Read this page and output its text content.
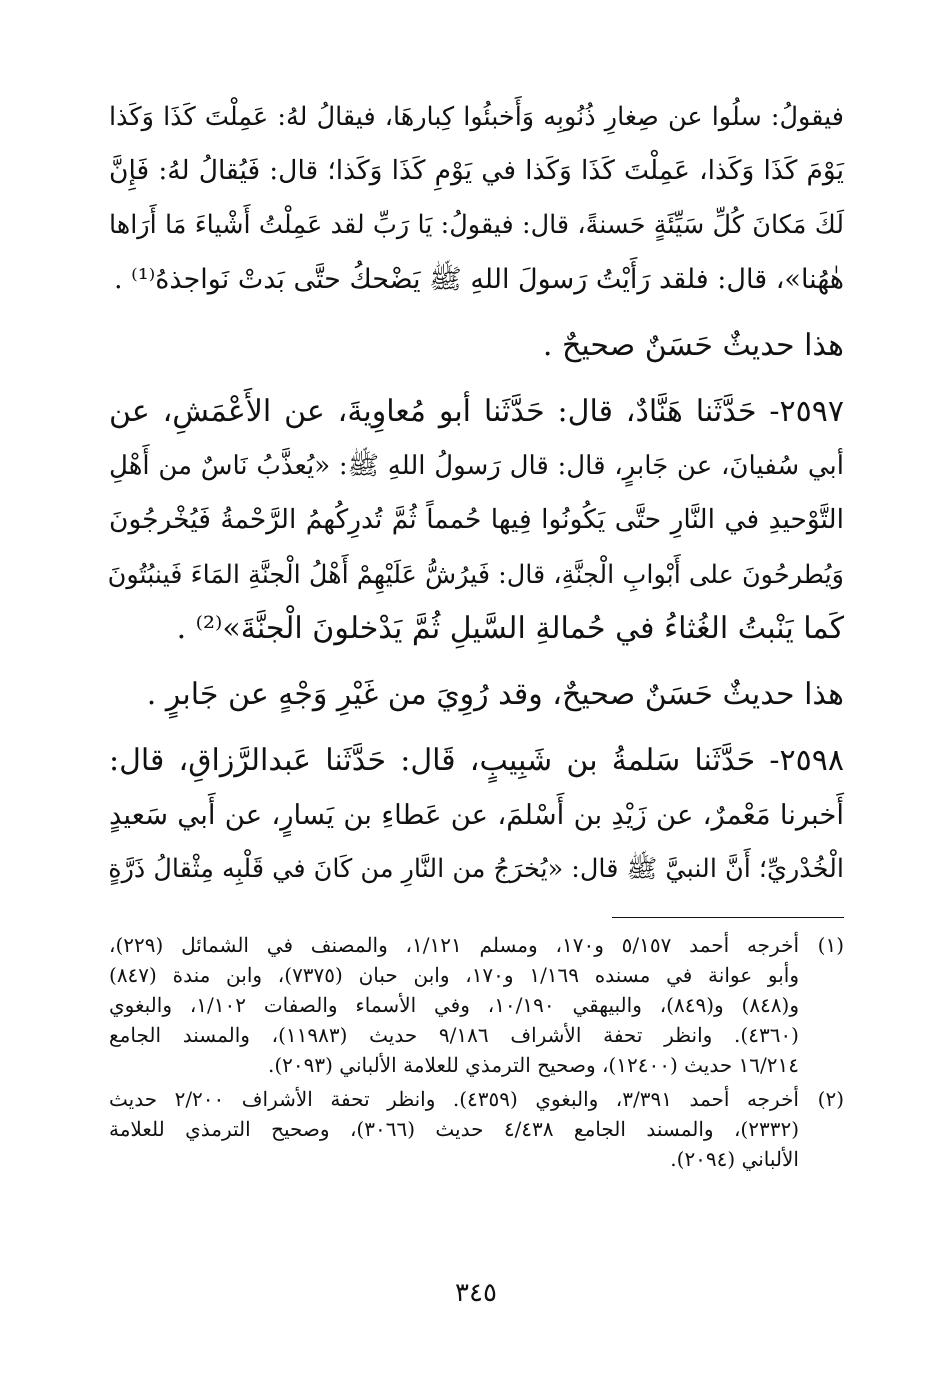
فيقولُ: سلُوا عن صِغارِ ذُنُوبِه وَأَخبئُوا كِبارهَا، فيقالُ لهُ: عَمِلْتَ كَذَا وَكَذا
يَوْمَ كَذَا وَكَذا، عَمِلْتَ كَذَا وَكَذا في يَوْمِ كَذَا وَكَذا؛ قال: فَيُقالُ لهُ: فَإِنَّ
لَكَ مَكانَ كُلِّ سَيِّئَةٍ حَسنةً، قال: فيقولُ: يَا رَبِّ لقد عَمِلْتُ أَشْياءَ مَا أَرَاها
هٰهُنا»، قال: فلقد رَأَيْتُ رَسولَ اللهِ ﷺ يَضْحكُ حتَّى بَدتْ نَواجذهُ⁽¹⁾ .
هذا حديثٌ حَسَنٌ صحيحٌ .
٢٥٩٧- حَدَّثَنا هَنَّادٌ، قال: حَدَّثَنا أبو مُعاوِيةَ، عن الأَعْمَشِ، عن
أبي سُفيانَ، عن جَابرٍ، قال: قال رَسولُ اللهِ ﷺ: «يُعذَّبُ نَاسٌ من أَهْلِ
التَّوْحيدِ في النَّارِ حتَّى يَكُونُوا فِيها حُمماً ثُمَّ تُدرِكُهمُ الرَّحْمةُ فَيُخْرجُونَ
وَيُطرحُونَ على أَبْوابِ الْجنَّةِ، قال: فَيرُشُّ عَلَيْهِمْ أَهْلُ الْجنَّةِ المَاءَ فَينبُتُونَ
كَما يَنْبتُ الغُثاءُ في حُمالةِ السَّيلِ ثُمَّ يَدْخلونَ الْجنَّةَ»⁽²⁾ .
هذا حديثٌ حَسَنٌ صحيحٌ، وقد رُوِيَ من غَيْرِ وَجْهٍ عن جَابرٍ .
٢٥٩٨- حَدَّثَنا سَلمةُ بن شَبِيبٍ، قَال: حَدَّثَنا عَبدالرَّزاقِ، قال:
أَخبرنا مَعْمرٌ، عن زَيْدِ بن أَسْلمَ، عن عَطاءِ بن يَسارٍ، عن أَبي سَعيدٍ
الْخُدْريِّ؛ أَنَّ النبيَّ ﷺ قال: «يُخرَجُ من النَّارِ من كَانَ في قَلْبِه مِثْقالُ ذَرَّةٍ
(١)أخرجه أحمد ٥/١٥٧ و١٧٠، ومسلم ١/١٢١، والمصنف في الشمائل (٢٢٩)،
وأبو عوانة في مسنده ١/١٦٩ و١٧٠، وابن حبان (٧٣٧٥)، وابن مندة (٨٤٧)
و(٨٤٨) و(٨٤٩)، والبيهقي ١٠/١٩٠، وفي الأسماء والصفات ١/١٠٢، والبغوي
(٤٣٦٠). وانظر تحفة الأشراف ٩/١٨٦ حديث (١١٩٨٣)، والمسند الجامع
١٦/٢١٤ حديث (١٢٤٠٠)، وصحيح الترمذي للعلامة الألباني (٢٠٩٣).
(٢)أخرجه أحمد ٣/٣٩١، والبغوي (٤٣٥٩). وانظر تحفة الأشراف ٢/٢٠٠ حديث
(٢٣٣٢)، والمسند الجامع ٤/٤٣٨ حديث (٣٠٦٦)، وصحيح الترمذي للعلامة
الألباني (٢٠٩٤).
٣٤٥
